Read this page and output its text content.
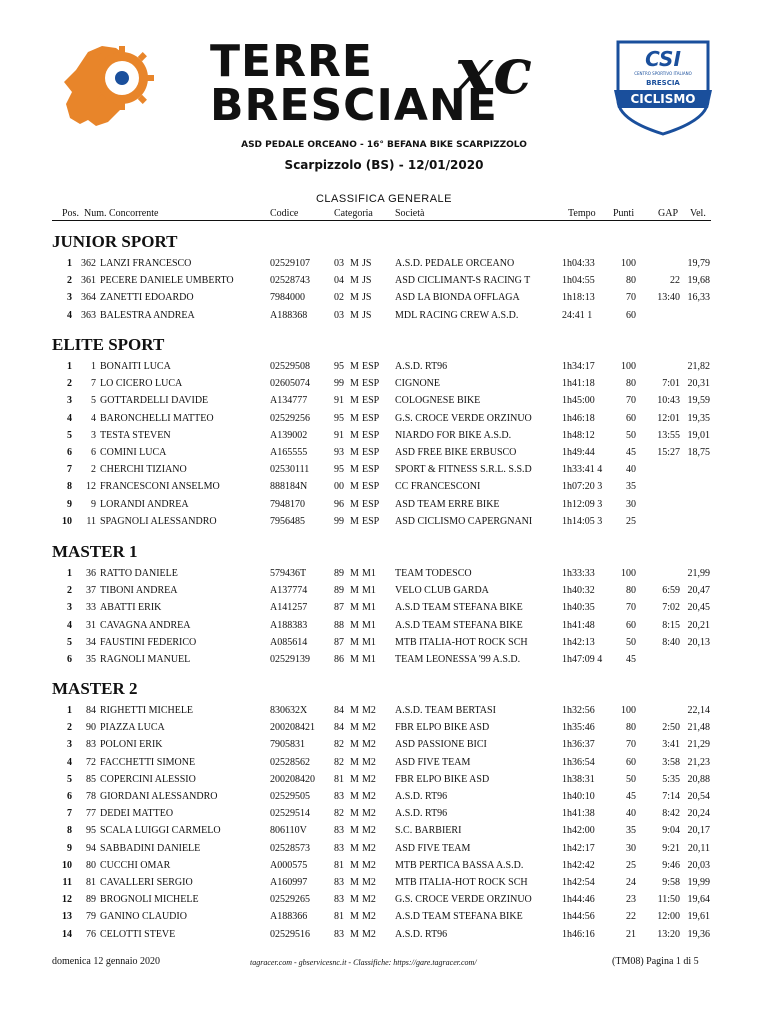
TERRE
BRESCIANE
xc	CSI
CENTRO SPORTIVO ITALIANO
BRESCIA
CICLISMO
ASD PEDALE ORCEANO - 16° BEFANA BIKE SCARPIZZOLO
Scarpizzolo (BS) - 12/01/2020
CLASSIFICA GENERALE
Pos. Num. Concorrente	Codice	Categoria Società	Tempo Punti GAP Vel.
JUNIOR SPORT
1 362 LANZI FRANCESCO	02529107 03 M JS A.S.D. PEDALE ORCEANO	1h04:33	100	19,79
2 361 PECERE DANIELE UMBERTO	02528743 04 M JS ASD CICLIMANT-S RACING T	1h04:55	80	22 19,68
3 364 ZANETTI EDOARDO	7984000	02 M JS ASD LA BIONDA OFFLAGA	1h18:13	70	13:40 16,33
4 363 BALESTRA ANDREA	A188368	03 M JS MDL RACING CREW A.S.D.	24:41 1	60
ELITE SPORT
1	1 BONAITI LUCA	02529508 95 M ESP A.S.D. RT96	1h34:17	100	21,82
2	7 LO CICERO LUCA	02605074 99 M ESP CIGNONE	1h41:18	80	7:01 20,31
3	5 GOTTARDELLI DAVIDE	A134777	91 M ESP COLOGNESE BIKE	1h45:00	70	10:43 19,59
4	4 BARONCHELLI MATTEO	02529256 95 M ESP G.S. CROCE VERDE ORZINUO	1h46:18	60	12:01 19,35
5	3 TESTA STEVEN	A139002	91 M ESP NIARDO FOR BIKE A.S.D.	1h48:12	50	13:55 19,01
6	6 COMINI LUCA	A165555	93 M ESP ASD FREE BIKE ERBUSCO	1h49:44	45	15:27 18,75
7	2 CHERCHI TIZIANO	02530111 95 M ESP SPORT & FITNESS S.R.L. S.S.D	1h33:41 4	40
8	12 FRANCESCONI ANSELMO	888184N	00 M ESP CC FRANCESCONI	1h07:20 3	35
9	9 LORANDI ANDREA	7948170	96 M ESP ASD TEAM ERRE BIKE	1h12:09 3	30
10	11 SPAGNOLI ALESSANDRO	7956485	99 M ESP ASD CICLISMO CAPERGNANI	1h14:05 3	25
MASTER 1
1	36 RATTO DANIELE	579436T	89 M M1 TEAM TODESCO	1h33:33	100	21,99
2	37 TIBONI ANDREA	A137774	89 M M1 VELO CLUB GARDA	1h40:32	80	6:59 20,47
3	33 ABATTI ERIK	A141257	87 M M1 A.S.D TEAM STEFANA BIKE	1h40:35	70	7:02 20,45
4	31 CAVAGNA ANDREA	A188383	88 M M1 A.S.D TEAM STEFANA BIKE	1h41:48	60	8:15 20,21
5	34 FAUSTINI FEDERICO	A085614	87 M M1 MTB ITALIA-HOT ROCK SCH	1h42:13	50	8:40 20,13
6	35 RAGNOLI MANUEL	02529139 86 M M1 TEAM LEONESSA '99 A.S.D.	1h47:09 4	45
MASTER 2
1	84 RIGHETTI MICHELE	830632X	84 M M2 A.S.D. TEAM BERTASI	1h32:56	100	22,14
2	90 PIAZZA LUCA	200208421 84 M M2 FBR ELPO BIKE ASD	1h35:46	80	2:50 21,48
3	83 POLONI ERIK	7905831	82 M M2 ASD PASSIONE BICI	1h36:37	70	3:41 21,29
4	72 FACCHETTI SIMONE	02528562 82 M M2 ASD FIVE TEAM	1h36:54	60	3:58 21,23
5	85 COPERCINI ALESSIO	200208420 81 M M2 FBR ELPO BIKE ASD	1h38:31	50	5:35 20,88
6	78 GIORDANI ALESSANDRO	02529505 83 M M2 A.S.D. RT96	1h40:10	45	7:14 20,54
7	77 DEDEI MATTEO	02529514 82 M M2 A.S.D. RT96	1h41:38	40	8:42 20,24
8	95 SCALA LUIGGI CARMELO	806110V	83 M M2 S.C. BARBIERI	1h42:00	35	9:04 20,17
9	94 SABBADINI DANIELE	02528573 83 M M2 ASD FIVE TEAM	1h42:17	30	9:21 20,11
10	80 CUCCHI OMAR	A000575	81 M M2 MTB PERTICA BASSA A.S.D.	1h42:42	25	9:46 20,03
11	81 CAVALLERI SERGIO	A160997	83 M M2 MTB ITALIA-HOT ROCK SCH	1h42:54	24	9:58 19,99
12	89 BROGNOLI MICHELE	02529265 83 M M2 G.S. CROCE VERDE ORZINUO	1h44:46	23	11:50 19,64
13	79 GANINO CLAUDIO	A188366	81 M M2 A.S.D TEAM STEFANA BIKE	1h44:56	22	12:00 19,61
14	76 CELOTTI STEVE	02529516 83 M M2 A.S.D. RT96	1h46:16	21	13:20 19,36
domenica 12 gennaio 2020	tagracer.com - gbservicesnc.it - Classifiche: https://gare.tagracer.com/	(TM08) Pagina 1 di 5
